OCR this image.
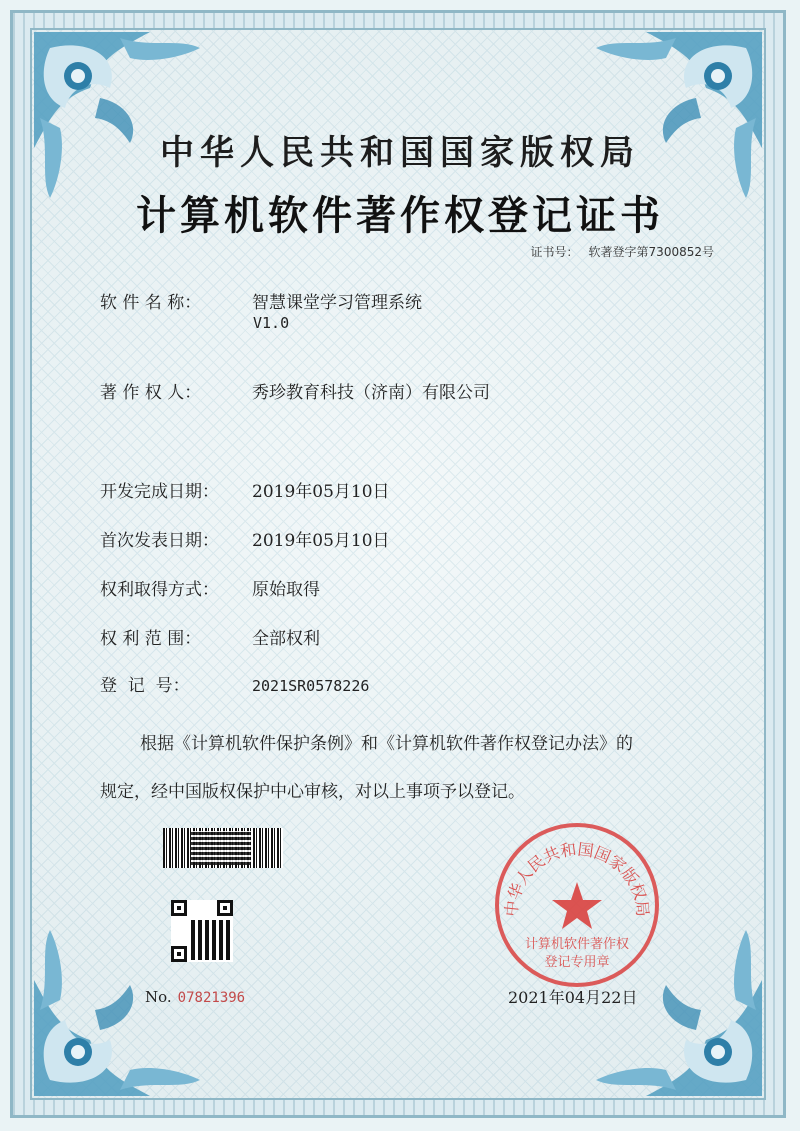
中华人民共和国国家版权局
计算机软件著作权登记证书
证书号： 软著登字第7300852号
软 件 名 称：	智慧课堂学习管理系统
V1.0
著 作 权 人：	秀珍教育科技（济南）有限公司
开发完成日期： 2019年05月10日
首次发表日期： 2019年05月10日
权利取得方式： 原始取得
权 利 范 围：	全部权利
登  记  号：	2021SR0578226

根据《计算机软件保护条例》和《计算机软件著作权登记办法》的

规定，经中国版权保护中心审核，对以上事项予以登记。

No. 07821396
中华人民共和国国家版权局
计算机软件著作权
登记专用章
2021年04月22日
